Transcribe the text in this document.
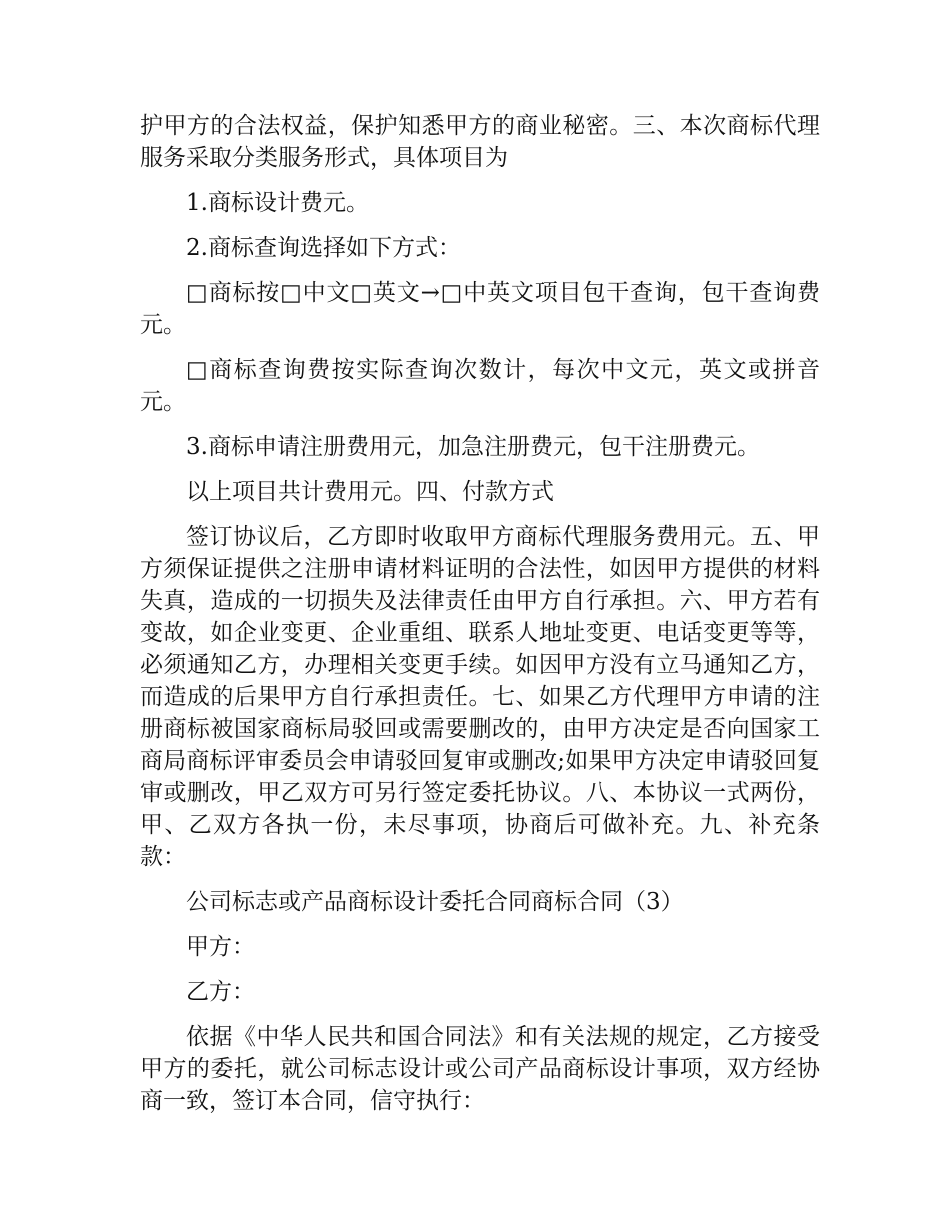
护甲方的合法权益，保护知悉甲方的商业秘密。三、本次商标代理服务采取分类服务形式，具体项目为

1.商标设计费元。

2.商标查询选择如下方式：

□商标按□中文□英文→□中英文项目包干查询，包干查询费元。

□商标查询费按实际查询次数计，每次中文元，英文或拼音元。

3.商标申请注册费用元，加急注册费元，包干注册费元。

以上项目共计费用元。四、付款方式

签订协议后，乙方即时收取甲方商标代理服务费用元。五、甲方须保证提供之注册申请材料证明的合法性，如因甲方提供的材料失真，造成的一切损失及法律责任由甲方自行承担。六、甲方若有变故，如企业变更、企业重组、联系人地址变更、电话变更等等，必须通知乙方，办理相关变更手续。如因甲方没有立马通知乙方，而造成的后果甲方自行承担责任。七、如果乙方代理甲方申请的注册商标被国家商标局驳回或需要删改的，由甲方决定是否向国家工商局商标评审委员会申请驳回复审或删改;如果甲方决定申请驳回复审或删改，甲乙双方可另行签定委托协议。八、本协议一式两份，甲、乙双方各执一份，未尽事项，协商后可做补充。九、补充条款：

公司标志或产品商标设计委托合同商标合同（3）

甲方：

乙方：

依据《中华人民共和国合同法》和有关法规的规定，乙方接受甲方的委托，就公司标志设计或公司产品商标设计事项，双方经协商一致，签订本合同，信守执行：
